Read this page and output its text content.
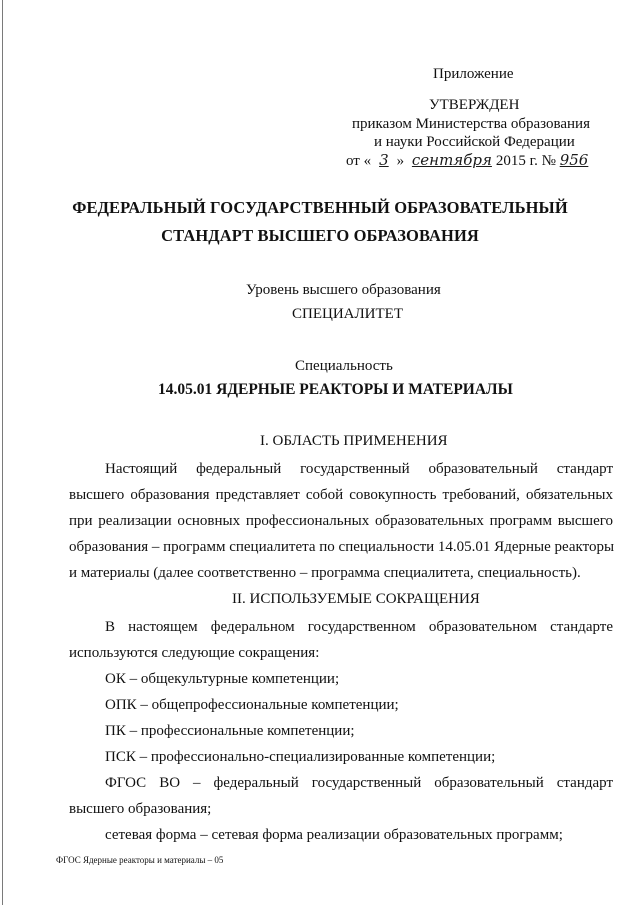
Приложение
УТВЕРЖДЕН
приказом Министерства образования
и науки Российской Федерации
от « 3 » сентября 2015 г. № 956
ФЕДЕРАЛЬНЫЙ ГОСУДАРСТВЕННЫЙ ОБРАЗОВАТЕЛЬНЫЙ
СТАНДАРТ ВЫСШЕГО ОБРАЗОВАНИЯ
Уровень высшего образования
СПЕЦИАЛИТЕТ
Специальность
14.05.01 ЯДЕРНЫЕ РЕАКТОРЫ И МАТЕРИАЛЫ
I. ОБЛАСТЬ ПРИМЕНЕНИЯ
Настоящий федеральный государственный образовательный стандарт
высшего образования представляет собой совокупность требований, обязательных
при реализации основных профессиональных образовательных программ высшего
образования – программ специалитета по специальности 14.05.01 Ядерные реакторы
и материалы (далее соответственно – программа специалитета, специальность).
II. ИСПОЛЬЗУЕМЫЕ СОКРАЩЕНИЯ
В настоящем федеральном государственном образовательном стандарте
используются следующие сокращения:
ОК – общекультурные компетенции;
ОПК – общепрофессиональные компетенции;
ПК – профессиональные компетенции;
ПСК – профессионально-специализированные компетенции;
ФГОС ВО – федеральный государственный образовательный стандарт
высшего образования;
сетевая форма – сетевая форма реализации образовательных программ;
ФГОС Ядерные реакторы и материалы – 05
